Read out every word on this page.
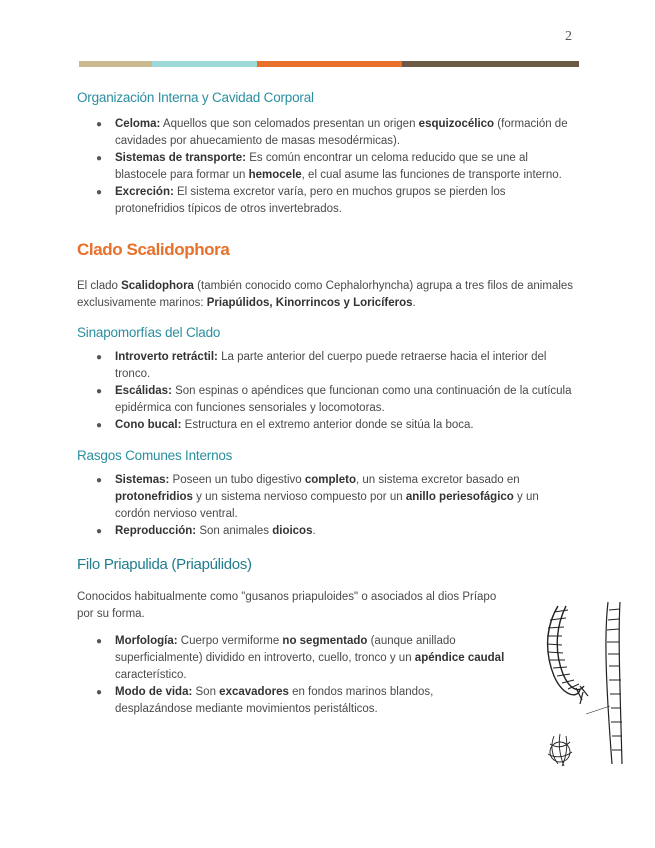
2
Organización Interna y Cavidad Corporal
● Celoma: Aquellos que son celomados presentan un origen esquizocélico (formación de cavidades por ahuecamiento de masas mesodérmicas).
● Sistemas de transporte: Es común encontrar un celoma reducido que se une al blastocele para formar un hemocele, el cual asume las funciones de transporte interno.
● Excreción: El sistema excretor varía, pero en muchos grupos se pierden los protonefridios típicos de otros invertebrados.
Clado Scalidophora

El clado Scalidophora (también conocido como Cephalorhyncha) agrupa a tres filos de animales exclusivamente marinos: Priapúlidos, Kinorrincos y Loricíferos.

Sinapomorfías del Clado
● Introverto retráctil: La parte anterior del cuerpo puede retraerse hacia el interior del tronco.
● Escálidas: Son espinas o apéndices que funcionan como una continuación de la cutícula epidérmica con funciones sensoriales y locomotoras.
● Cono bucal: Estructura en el extremo anterior donde se sitúa la boca.
Rasgos Comunes Internos
● Sistemas: Poseen un tubo digestivo completo, un sistema excretor basado en protonefridios y un sistema nervioso compuesto por un anillo periesofágico y un cordón nervioso ventral.
● Reproducción: Son animales dioicos.
Filo Priapulida (Priapúlidos)

Conocidos habitualmente como "gusanos priapuloides" o asociados al dios Príapo por su forma.

● Morfología: Cuerpo vermiforme no segmentado (aunque anillado superficialmente) dividido en introverto, cuello, tronco y un apéndice caudal característico.
● Modo de vida: Son excavadores en fondos marinos blandos, desplazándose mediante movimientos peristálticos.
